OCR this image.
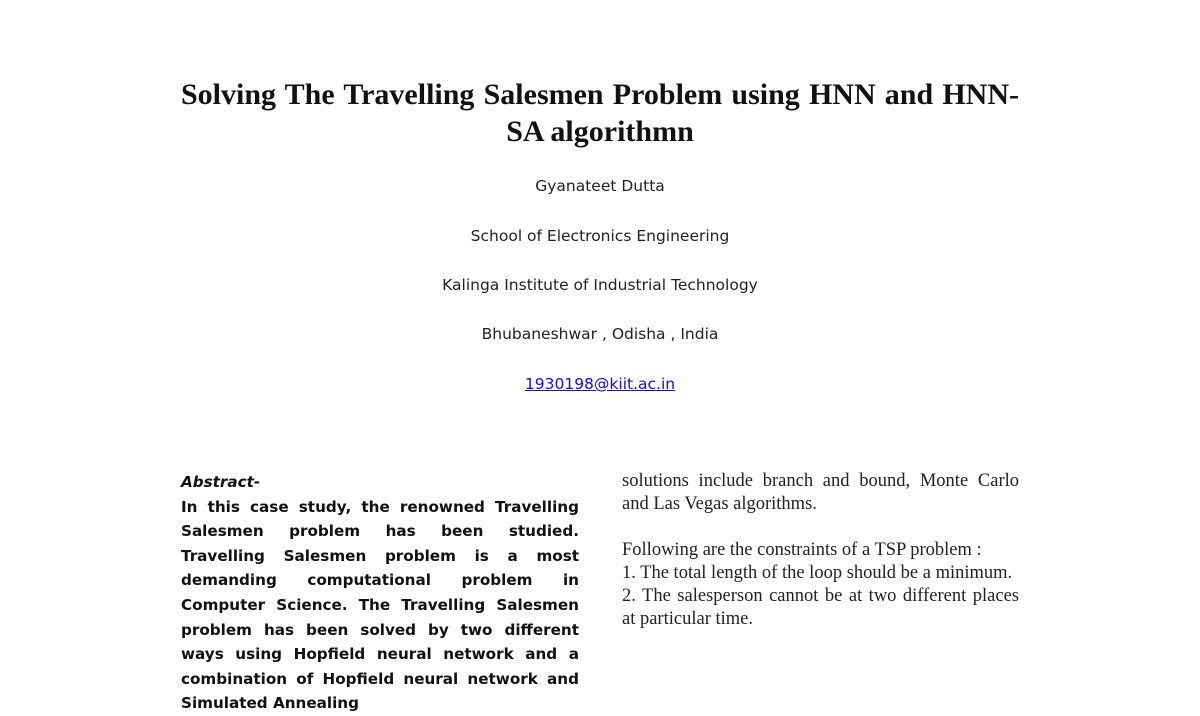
Solving The Travelling Salesmen Problem using HNN and HNN-SA algorithmn
Gyanateet Dutta
School of Electronics Engineering
Kalinga Institute of Industrial Technology
Bhubaneshwar , Odisha , India
1930198@kiit.ac.in

Abstract-

In this case study, the renowned Travelling Salesmen problem has been studied. Travelling Salesmen problem is a most demanding computational problem in Computer Science. The Travelling Salesmen problem has been solved by two different ways using Hopfield neural network and a combination of Hopfield neural network and Simulated Annealing

solutions include branch and bound, Monte Carlo and Las Vegas algorithms.

Following are the constraints of a TSP problem :

1. The total length of the loop should be a minimum.

2. The salesperson cannot be at two different places at particular time.
